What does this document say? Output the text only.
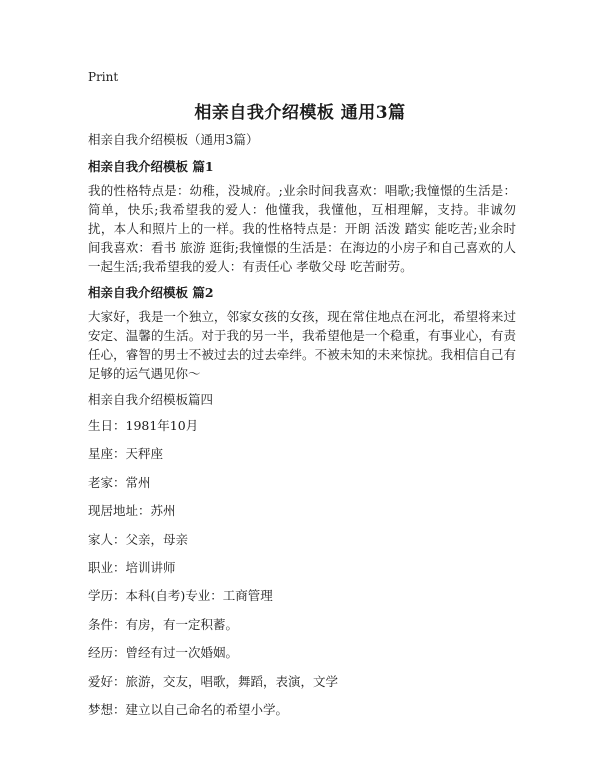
Print
相亲自我介绍模板 通用3篇

相亲自我介绍模板（通用3篇）

相亲自我介绍模板 篇1

我的性格特点是：幼稚，没城府。;业余时间我喜欢：唱歌;我憧憬的生活是：简单，快乐;我希望我的爱人：他懂我，我懂他，互相理解，支持。非诚勿扰，本人和照片上的一样。我的性格特点是：开朗 活泼 踏实 能吃苦;业余时间我喜欢：看书 旅游 逛街;我憧憬的生活是：在海边的小房子和自己喜欢的人一起生活;我希望我的爱人：有责任心 孝敬父母 吃苦耐劳。

相亲自我介绍模板 篇2

大家好，我是一个独立，邻家女孩的女孩，现在常住地点在河北，希望将来过安定、温馨的生活。对于我的另一半，我希望他是一个稳重，有事业心，有责任心，睿智的男士不被过去的过去牵绊。不被未知的未来惊扰。我相信自己有足够的运气遇见你～

相亲自我介绍模板篇四

生日：1981年10月

星座：天秤座

老家：常州

现居地址：苏州

家人：父亲，母亲

职业：培训讲师

学历：本科(自考)专业：工商管理

条件：有房，有一定积蓄。

经历：曾经有过一次婚姻。

爱好：旅游，交友，唱歌，舞蹈，表演，文学

梦想：建立以自己命名的希望小学。
